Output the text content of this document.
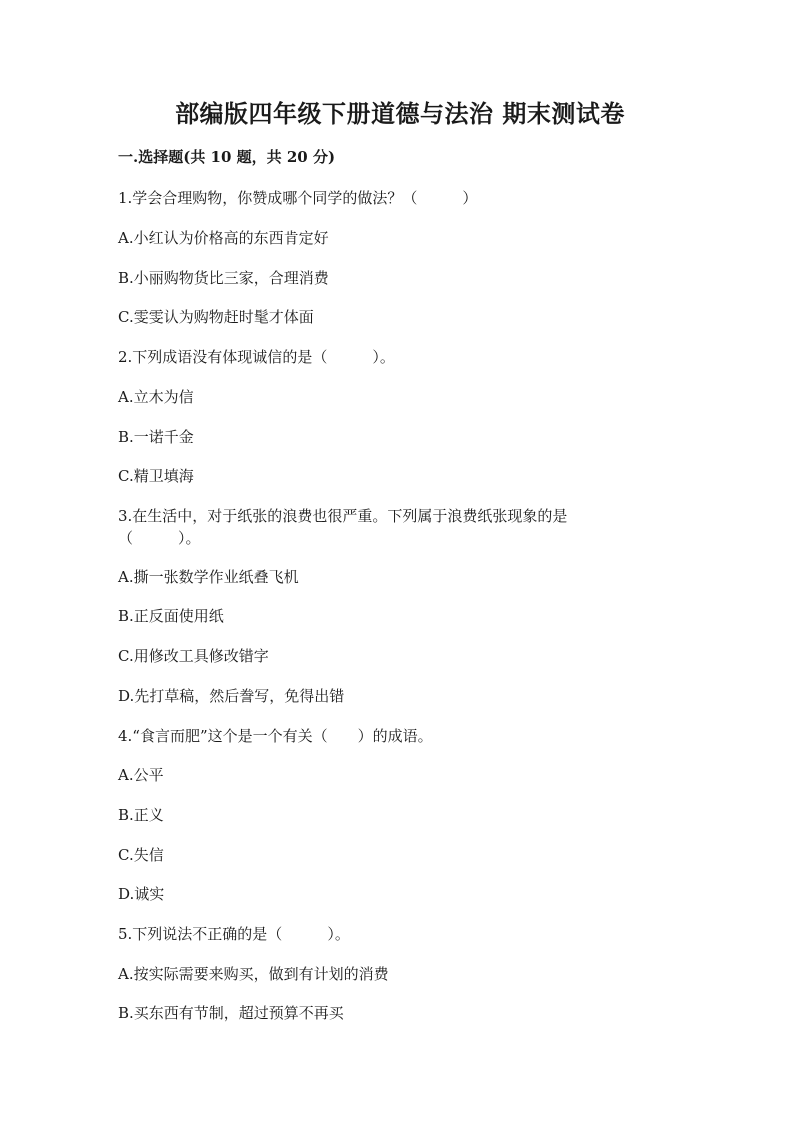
部编版四年级下册道德与法治 期末测试卷
一.选择题(共 10 题，共 20 分)
1.学会合理购物，你赞成哪个同学的做法？（　　　）
A.小红认为价格高的东西肯定好
B.小丽购物货比三家，合理消费
C.雯雯认为购物赶时髦才体面
2.下列成语没有体现诚信的是（　　　）。
A.立木为信
B.一诺千金
C.精卫填海
3.在生活中，对于纸张的浪费也很严重。下列属于浪费纸张现象的是
（　　　）。
A.撕一张数学作业纸叠飞机
B.正反面使用纸
C.用修改工具修改错字
D.先打草稿，然后誊写，免得出错
4.“食言而肥”这个是一个有关（　　）的成语。
A.公平
B.正义
C.失信
D.诚实
5.下列说法不正确的是（　　　）。
A.按实际需要来购买，做到有计划的消费
B.买东西有节制，超过预算不再买
